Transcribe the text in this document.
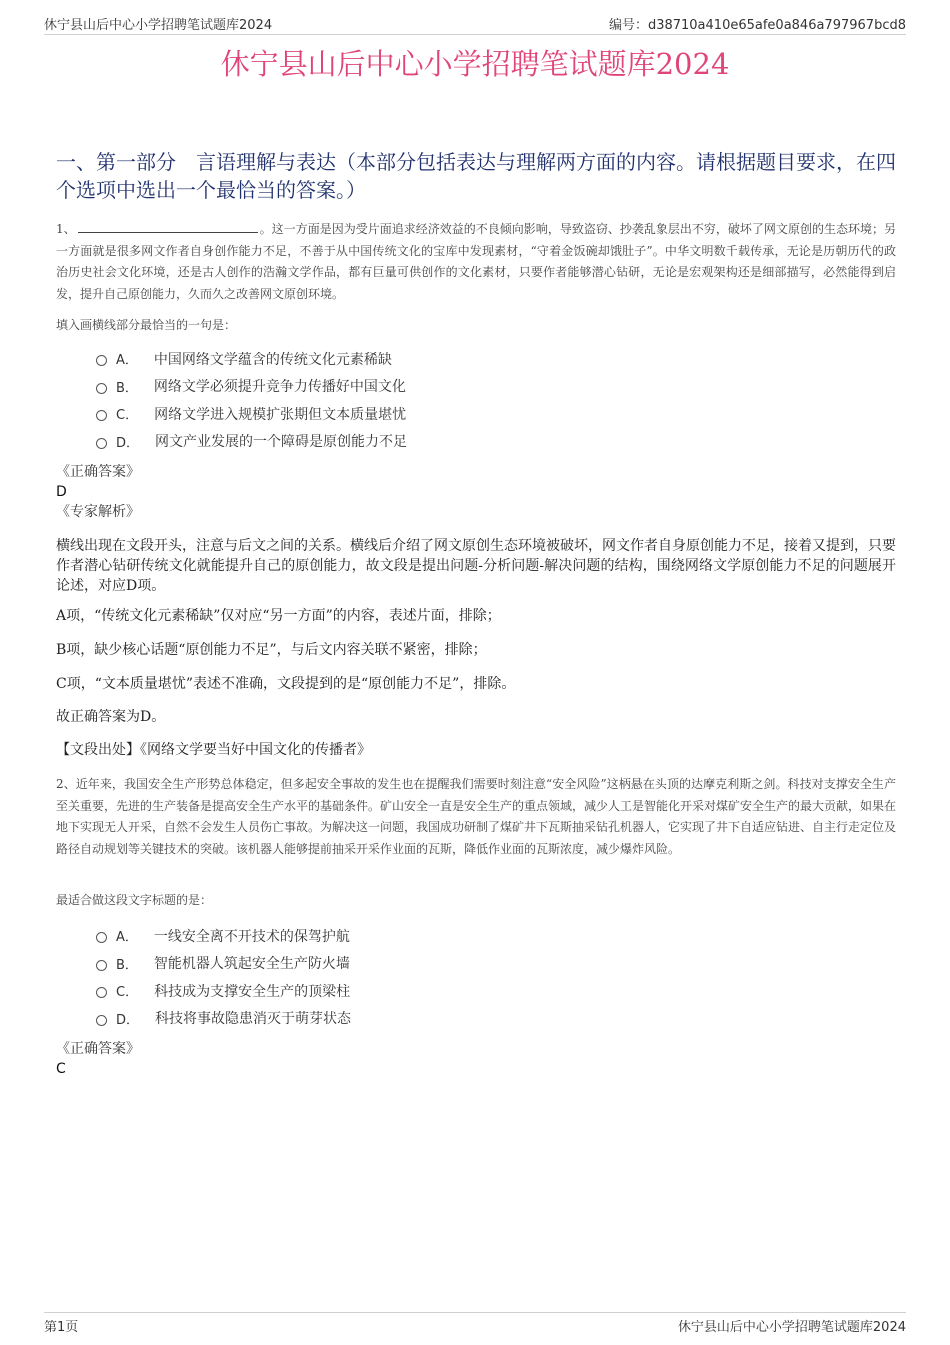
休宁县山后中心小学招聘笔试题库2024	编号：d38710a410e65afe0a846a797967bcd8
休宁县山后中心小学招聘笔试题库2024
一、第一部分　言语理解与表达（本部分包括表达与理解两方面的内容。请根据题目要求，在四个选项中选出一个最恰当的答案。）
1、	。这一方面是因为受片面追求经济效益的不良倾向影响，导致盗窃、抄袭乱象层出不穷，破坏了网文原创的生态环境；另一方面就是很多网文作者自身创作能力不足，不善于从中国传统文化的宝库中发现素材，“守着金饭碗却饿肚子”。中华文明数千载传承，无论是历朝历代的政治历史社会文化环境，还是古人创作的浩瀚文学作品，都有巨量可供创作的文化素材，只要作者能够潜心钻研，无论是宏观架构还是细部描写，必然能得到启发，提升自己原创能力，久而久之改善网文原创环境。
填入画横线部分最恰当的一句是：
A． 中国网络文学蕴含的传统文化元素稀缺
B． 网络文学必须提升竞争力传播好中国文化
C． 网络文学进入规模扩张期但文本质量堪忧
D． 网文产业发展的一个障碍是原创能力不足
《正确答案》
D
《专家解析》
横线出现在文段开头，注意与后文之间的关系。横线后介绍了网文原创生态环境被破坏，网文作者自身原创能力不足，接着又提到，只要作者潜心钻研传统文化就能提升自己的原创能力，故文段是提出问题-分析问题-解决问题的结构，围绕网络文学原创能力不足的问题展开论述，对应D项。
A项，“传统文化元素稀缺”仅对应“另一方面”的内容，表述片面，排除；
B项，缺少核心话题“原创能力不足”，与后文内容关联不紧密，排除；
C项，“文本质量堪忧”表述不准确，文段提到的是“原创能力不足”，排除。
故正确答案为D。
【文段出处】《网络文学要当好中国文化的传播者》
2、近年来，我国安全生产形势总体稳定，但多起安全事故的发生也在提醒我们需要时刻注意“安全风险”这柄悬在头顶的达摩克利斯之剑。科技对支撑安全生产至关重要，先进的生产装备是提高安全生产水平的基础条件。矿山安全一直是安全生产的重点领域，减少人工是智能化开采对煤矿安全生产的最大贡献，如果在地下实现无人开采，自然不会发生人员伤亡事故。为解决这一问题，我国成功研制了煤矿井下瓦斯抽采钻孔机器人，它实现了井下自适应钻进、自主行走定位及路径自动规划等关键技术的突破。该机器人能够提前抽采开采作业面的瓦斯，降低作业面的瓦斯浓度，减少爆炸风险。
最适合做这段文字标题的是：
A． 一线安全离不开技术的保驾护航
B． 智能机器人筑起安全生产防火墙
C． 科技成为支撑安全生产的顶梁柱
D． 科技将事故隐患消灭于萌芽状态
《正确答案》
C
第1页	休宁县山后中心小学招聘笔试题库2024
